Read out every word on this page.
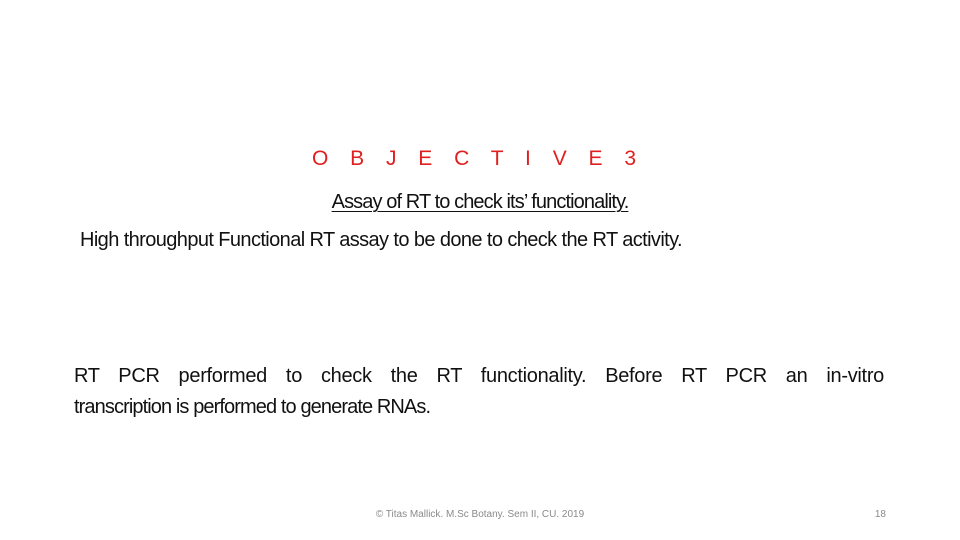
O B J E C T I V E 3
Assay of RT to check its’ functionality.
High throughput Functional RT assay to be done to check the RT activity.
RT PCR performed to check the RT functionality. Before RT PCR an in-vitro
transcription is performed to generate RNAs.
© Titas Mallick. M.Sc Botany. Sem II, CU. 2019	18
